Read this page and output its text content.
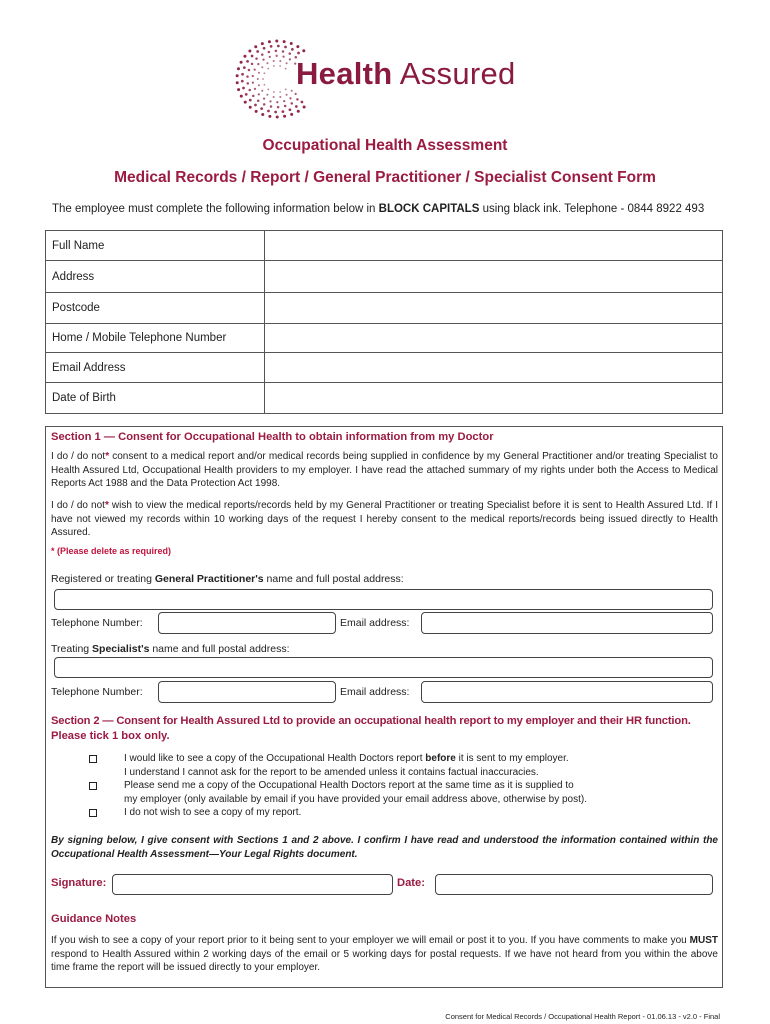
Health Assured
Occupational Health Assessment
Medical Records / Report / General Practitioner / Specialist Consent Form
The employee must complete the following information below in BLOCK CAPITALS using black ink. Telephone - 0844 8922 493
Full Name	
Address	
Postcode	
Home / Mobile Telephone Number	
Email Address	
Date of Birth	
Section 1 — Consent for Occupational Health to obtain information from my Doctor
I do / do not* consent to a medical report and/or medical records being supplied in confidence by my General Practitioner and/or treating Specialist to Health Assured Ltd, Occupational Health providers to my employer. I have read the attached summary of my rights under both the Access to Medical Reports Act 1988 and the Data Protection Act 1998.
I do / do not* wish to view the medical reports/records held by my General Practitioner or treating Specialist before it is sent to Health Assured Ltd. If I have not viewed my records within 10 working days of the request I hereby consent to the medical reports/records being issued directly to Health Assured.
* (Please delete as required)
Registered or treating General Practitioner's name and full postal address:
Telephone Number:	Email address:
Treating Specialist's name and full postal address:
Telephone Number:	Email address:
Section 2 — Consent for Health Assured Ltd to provide an occupational health report to my employer and their HR function.
Please tick 1 box only.
I would like to see a copy of the Occupational Health Doctors report before it is sent to my employer.
I understand I cannot ask for the report to be amended unless it contains factual inaccuracies.
Please send me a copy of the Occupational Health Doctors report at the same time as it is supplied to
my employer (only available by email if you have provided your email address above, otherwise by post).
I do not wish to see a copy of my report.
By signing below, I give consent with Sections 1 and 2 above. I confirm I have read and understood the information contained within the Occupational Health Assessment—Your Legal Rights document.
Signature:	Date:
Guidance Notes
If you wish to see a copy of your report prior to it being sent to your employer we will email or post it to you. If you have comments to make you MUST respond to Health Assured within 2 working days of the email or 5 working days for postal requests. If we have not heard from you within the above time frame the report will be issued directly to your employer.
Consent for Medical Records / Occupational Health Report - 01.06.13 - v2.0 - Final
